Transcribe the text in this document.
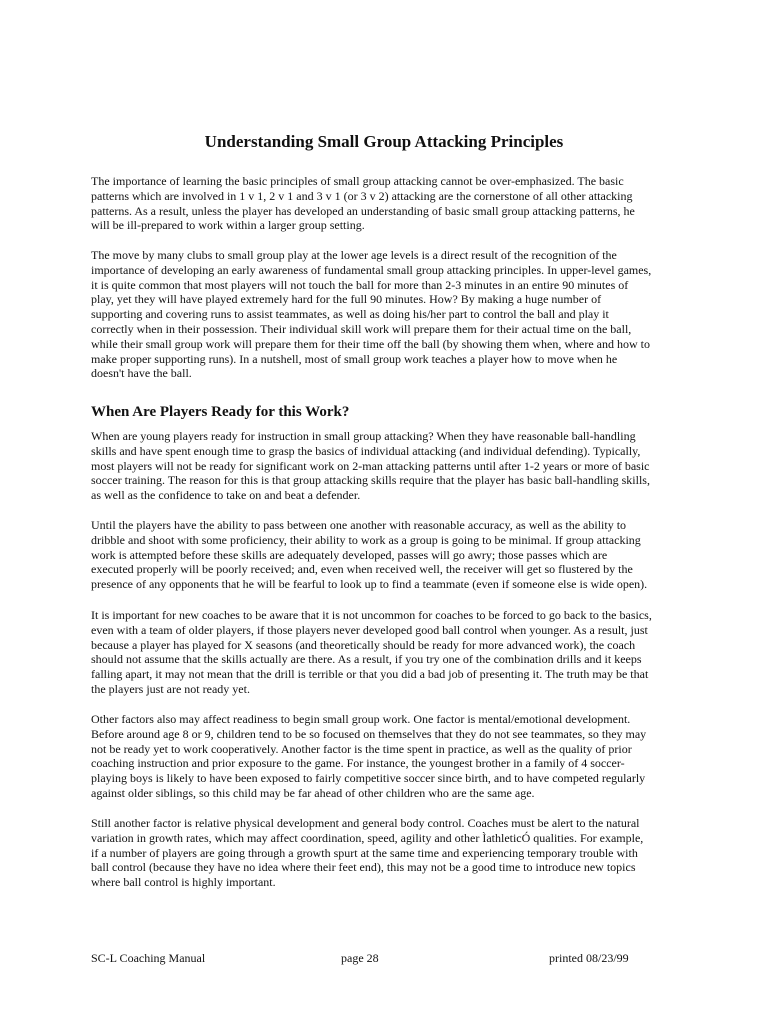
Understanding Small Group Attacking Principles

The importance of learning the basic principles of small group attacking cannot be over-emphasized. The basic
patterns which are involved in 1 v 1, 2 v 1 and 3 v 1 (or 3 v 2) attacking are the cornerstone of all other attacking
patterns. As a result, unless the player has developed an understanding of basic small group attacking patterns, he
will be ill-prepared to work within a larger group setting.

The move by many clubs to small group play at the lower age levels is a direct result of the recognition of the
importance of developing an early awareness of fundamental small group attacking principles. In upper-level games,
it is quite common that most players will not touch the ball for more than 2-3 minutes in an entire 90 minutes of
play, yet they will have played extremely hard for the full 90 minutes. How? By making a huge number of
supporting and covering runs to assist teammates, as well as doing his/her part to control the ball and play it
correctly when in their possession. Their individual skill work will prepare them for their actual time on the ball,
while their small group work will prepare them for their time off the ball (by showing them when, where and how to
make proper supporting runs). In a nutshell, most of small group work teaches a player how to move when he
doesn't have the ball.

When Are Players Ready for this Work?

When are young players ready for instruction in small group attacking? When they have reasonable ball-handling
skills and have spent enough time to grasp the basics of individual attacking (and individual defending). Typically,
most players will not be ready for significant work on 2-man attacking patterns until after 1-2 years or more of basic
soccer training. The reason for this is that group attacking skills require that the player has basic ball-handling skills,
as well as the confidence to take on and beat a defender.

Until the players have the ability to pass between one another with reasonable accuracy, as well as the ability to
dribble and shoot with some proficiency, their ability to work as a group is going to be minimal. If group attacking
work is attempted before these skills are adequately developed, passes will go awry; those passes which are
executed properly will be poorly received; and, even when received well, the receiver will get so flustered by the
presence of any opponents that he will be fearful to look up to find a teammate (even if someone else is wide open).

It is important for new coaches to be aware that it is not uncommon for coaches to be forced to go back to the basics,
even with a team of older players, if those players never developed good ball control when younger. As a result, just
because a player has played for X seasons (and theoretically should be ready for more advanced work), the coach
should not assume that the skills actually are there. As a result, if you try one of the combination drills and it keeps
falling apart, it may not mean that the drill is terrible or that you did a bad job of presenting it. The truth may be that
the players just are not ready yet.

Other factors also may affect readiness to begin small group work. One factor is mental/emotional development.
Before around age 8 or 9, children tend to be so focused on themselves that they do not see teammates, so they may
not be ready yet to work cooperatively. Another factor is the time spent in practice, as well as the quality of prior
coaching instruction and prior exposure to the game. For instance, the youngest brother in a family of 4 soccer-
playing boys is likely to have been exposed to fairly competitive soccer since birth, and to have competed regularly
against older siblings, so this child may be far ahead of other children who are the same age.

Still another factor is relative physical development and general body control. Coaches must be alert to the natural
variation in growth rates, which may affect coordination, speed, agility and other ÌathleticÓ qualities. For example,
if a number of players are going through a growth spurt at the same time and experiencing temporary trouble with
ball control (because they have no idea where their feet end), this may not be a good time to introduce new topics
where ball control is highly important.

SC-L Coaching Manual	page 28	printed 08/23/99
